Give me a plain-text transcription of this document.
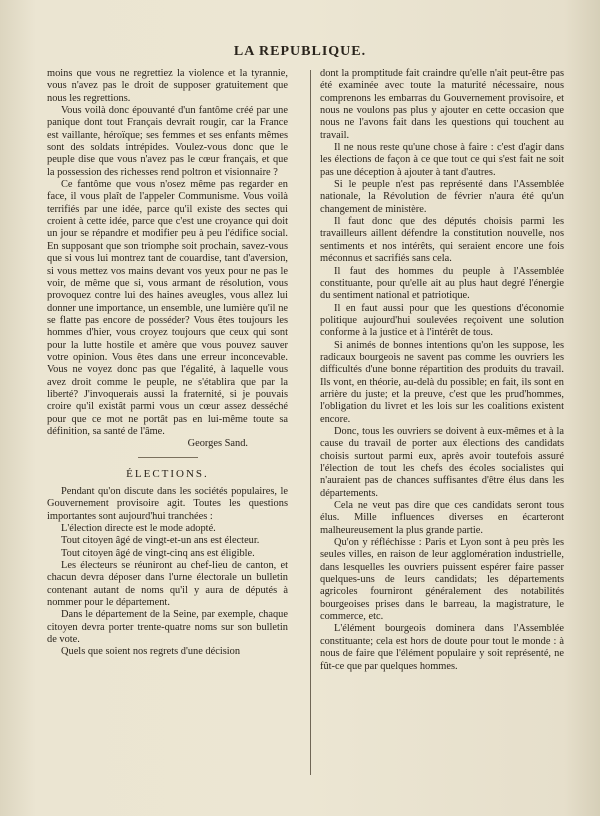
LA REPUBLIQUE.

moins que vous ne regrettiez la violence et la tyrannie, vous n'avez pas le droit de supposer gratuitement que nous les regrettions.

Vous voilà donc épouvanté d'un fantôme créé par une panique dont tout Français devrait rougir, car la France est vaillante, héroïque; ses femmes et ses enfants mêmes sont des soldats intrépides. Voulez-vous donc que le peuple dise que vous n'avez pas le cœur français, et que la possession des richesses rend poltron et visionnaire ?

Ce fantôme que vous n'osez même pas regarder en face, il vous plaît de l'appeler Communisme. Vous voilà terrifiés par une idée, parce qu'il existe des sectes qui croient à cette idée, parce que c'est une croyance qui doit un jour se répandre et modifier peu à peu l'édifice social. En supposant que son triomphe soit prochain, savez-vous que si vous lui montrez tant de couardise, tant d'aversion, si vous mettez vos mains devant vos yeux pour ne pas le voir, de même que si, vous armant de résolution, vous provoquez contre lui des haines aveugles, vous allez lui donner une importance, un ensemble, une lumière qu'il ne se flatte pas encore de posséder? Vous êtes toujours les hommes d'hier, vous croyez toujours que ceux qui sont pour la lutte hostile et amère que vous pouvez sauver votre opinion. Vous êtes dans une erreur inconcevable. Vous ne voyez donc pas que l'égalité, à laquelle vous avez droit comme le peuple, ne s'établira que par la liberté? J'invoquerais aussi la fraternité, si je pouvais croire qu'il existât parmi vous un cœur assez desséché pour que ce mot ne portât pas en lui-même toute sa définition, sa santé de l'âme.

Georges Sand.

ÉLECTIONS.

Pendant qu'on discute dans les sociétés populaires, le Gouvernement provisoire agit. Toutes les questions importantes sont aujourd'hui tranchées :

L'élection directe est le mode adopté.

Tout citoyen âgé de vingt-et-un ans est électeur.

Tout citoyen âgé de vingt-cinq ans est éligible.

Les électeurs se réuniront au chef-lieu de canton, et chacun devra déposer dans l'urne électorale un bulletin contenant autant de noms qu'il y aura de députés à nommer pour le département.

Dans le département de la Seine, par exemple, chaque citoyen devra porter trente-quatre noms sur son bulletin de vote.

Quels que soient nos regrets d'une décision

dont la promptitude fait craindre qu'elle n'ait peut-être pas été examinée avec toute la maturité nécessaire, nous comprenons les embarras du Gouvernement provisoire, et nous ne voulons pas plus y ajouter en cette occasion que nous ne l'avons fait dans les questions qui touchent au travail.

Il ne nous reste qu'une chose à faire : c'est d'agir dans les élections de façon à ce que tout ce qui s'est fait ne soit pas une déception à ajouter à tant d'autres.

Si le peuple n'est pas représenté dans l'Assemblée nationale, la Révolution de février n'aura été qu'un changement de ministère.

Il faut donc que des députés choisis parmi les travailleurs aillent défendre la constitution nouvelle, nos sentiments et nos intérêts, qui seraient encore une fois méconnus et sacrifiés sans cela.

Il faut des hommes du peuple à l'Assemblée constituante, pour qu'elle ait au plus haut degré l'énergie du sentiment national et patriotique.

Il en faut aussi pour que les questions d'économie politique aujourd'hui soulevées reçoivent une solution conforme à la justice et à l'intérêt de tous.

Si animés de bonnes intentions qu'on les suppose, les radicaux bourgeois ne savent pas comme les ouvriers les difficultés d'une bonne répartition des produits du travail. Ils vont, en théorie, au-delà du possible; en fait, ils sont en arrière du juste; et la preuve, c'est que les prud'hommes, l'obligation du livret et les lois sur les coalitions existent encore.

Donc, tous les ouvriers se doivent à eux-mêmes et à la cause du travail de porter aux élections des candidats choisis surtout parmi eux, après avoir toutefois assuré l'élection de tout les chefs des écoles socialistes qui n'auraient pas de chances suffisantes d'être élus dans les départements.

Cela ne veut pas dire que ces candidats seront tous élus. Mille influences diverses en écarteront malheureusement la plus grande partie.

Qu'on y réfléchisse : Paris et Lyon sont à peu près les seules villes, en raison de leur agglomération industrielle, dans lesquelles les ouvriers puissent espérer faire passer quelques-uns de leurs candidats; les départements agricoles fourniront généralement des notabilités bourgeoises prises dans le barreau, la magistrature, le commerce, etc.

L'élément bourgeois dominera dans l'Assemblée constituante; cela est hors de doute pour tout le monde : à nous de faire que l'élément populaire y soit représenté, ne fût-ce que par quelques hommes.
